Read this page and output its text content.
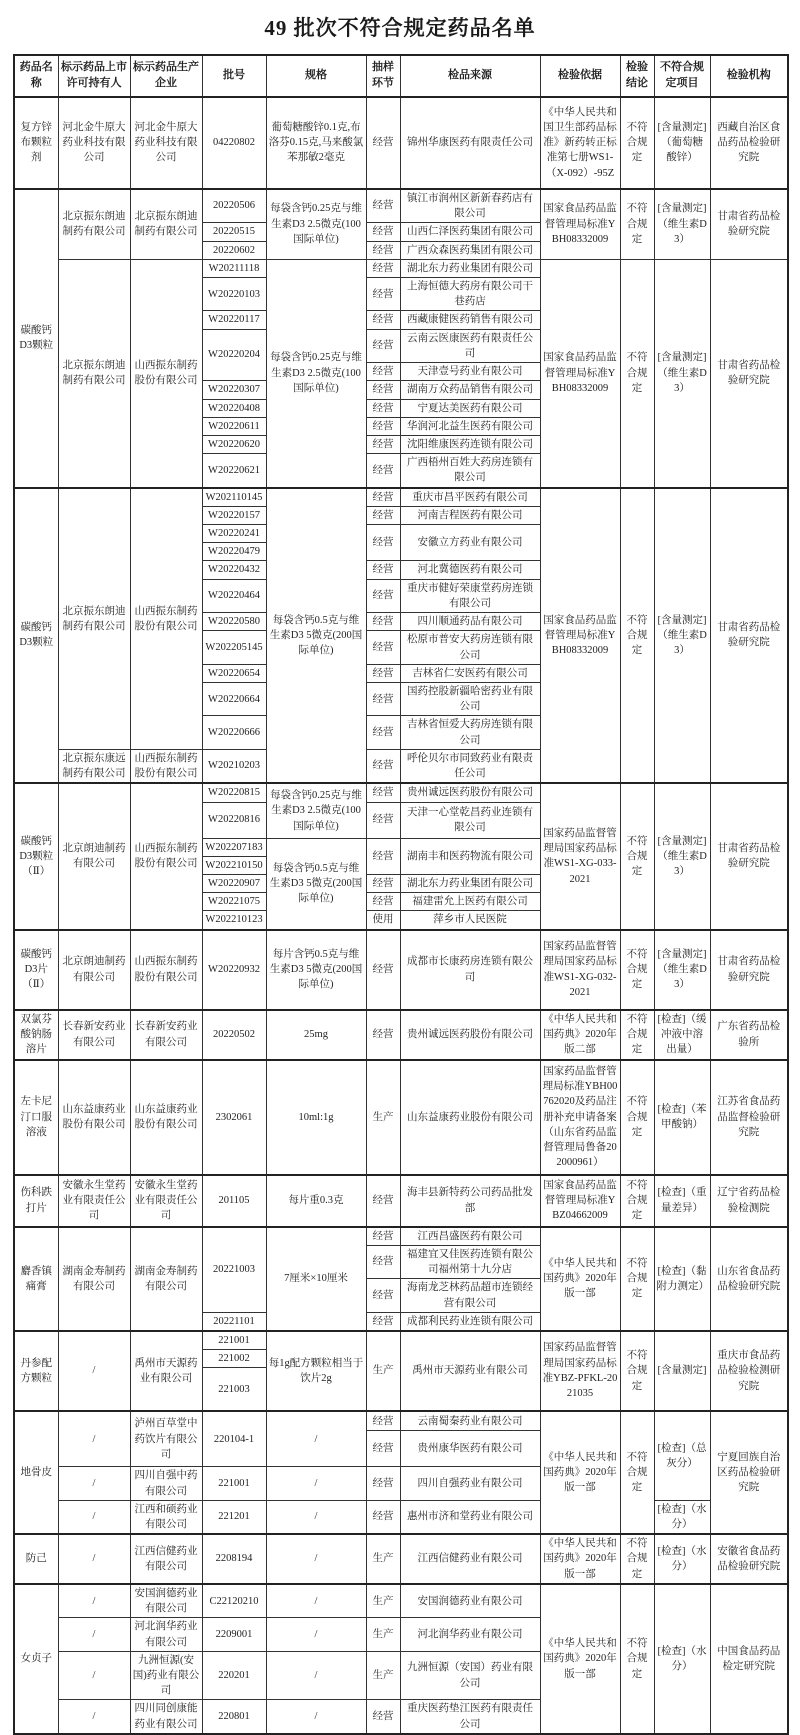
49 批次不符合规定药品名单
药品名称	标示药品上市许可持有人	标示药品生产企业	批号	规格	抽样环节	检品来源	检验依据	检验结论	不符合规定项目	检验机构
复方锌布颗粒剂	河北金牛原大药业科技有限公司	河北金牛原大药业科技有限公司	04220802	葡萄糖酸锌0.1克,布洛芬0.15克,马来酸氯苯那敏2毫克	经营	锦州华康医药有限责任公司	《中华人民共和国卫生部药品标准》新药转正标准第七册WS1-（X-092）-95Z	不符合规定	[含量测定]（葡萄糖酸锌）	西藏自治区食品药品检验研究院
碳酸钙D3颗粒	北京振东朗迪制药有限公司	北京振东朗迪制药有限公司	20220506	每袋含钙0.25克与维生素D3 2.5微克(100国际单位)	经营	镇江市润州区新新春药店有限公司	国家食品药品监督管理局标准YBH08332009	不符合规定	[含量测定]（维生素D3）	甘肃省药品检验研究院
			20220515		经营	山西仁泽医药集团有限公司				
			20220602		经营	广西众森医药集团有限公司				
	北京振东朗迪制药有限公司	山西振东制药股份有限公司	W20211118	每袋含钙0.25克与维生素D3 2.5微克(100国际单位)	经营	湖北东力药业集团有限公司	国家食品药品监督管理局标准YBH08332009	不符合规定	[含量测定]（维生素D3）	甘肃省药品检验研究院
			W20220103		经营	上海恒德大药房有限公司干巷药店				
			W20220117		经营	西藏康健医药销售有限公司				
			W20220204		经营	云南云医康医药有限责任公司				
					经营	天津壹号药业有限公司				
			W20220307		经营	湖南万众药品销售有限公司				
			W20220408		经营	宁夏达美医药有限公司				
			W20220611		经营	华润河北益生医药有限公司				
			W20220620		经营	沈阳维康医药连锁有限公司				
			W20220621		经营	广西梧州百姓大药房连锁有限公司				
碳酸钙D3颗粒	北京振东朗迪制药有限公司	山西振东制药股份有限公司	W202110145	每袋含钙0.5克与维生素D3 5微克(200国际单位)	经营	重庆市昌平医药有限公司	国家食品药品监督管理局标准YBH08332009	不符合规定	[含量测定]（维生素D3）	甘肃省药品检验研究院
			W20220157		经营	河南吉程医药有限公司				
			W20220241		经营	安徽立方药业有限公司				
			W20220479							
			W20220432		经营	河北冀德医药有限公司				
			W20220464		经营	重庆市健好荣康堂药房连锁有限公司				
			W20220580		经营	四川顺通药品有限公司				
			W202205145		经营	松原市普安大药房连锁有限公司				
			W20220654		经营	吉林省仁安医药有限公司				
			W20220664		经营	国药控股新疆哈密药业有限公司				
			W20220666		经营	吉林省恒爱大药房连锁有限公司				
	北京振东康远制药有限公司	山西振东制药股份有限公司	W20210203		经营	呼伦贝尔市同致药业有限责任公司				
碳酸钙D3颗粒（Ⅱ）	北京朗迪制药有限公司	山西振东制药股份有限公司	W20220815	每袋含钙0.25克与维生素D3 2.5微克(100国际单位)	经营	贵州诚远医药股份有限公司	国家药品监督管理局国家药品标准WS1-XG-033-2021	不符合规定	[含量测定]（维生素D3）	甘肃省药品检验研究院
			W20220816		经营	天津一心堂乾昌药业连锁有限公司				
			W202207183	每袋含钙0.5克与维生素D3 5微克(200国际单位)	经营	湖南丰和医药物流有限公司				
			W202210150							
			W20220907		经营	湖北东力药业集团有限公司				
			W20221075		经营	福建雷允上医药有限公司				
			W202210123		使用	萍乡市人民医院				
碳酸钙D3片（Ⅱ）	北京朗迪制药有限公司	山西振东制药股份有限公司	W20220932	每片含钙0.5克与维生素D3 5微克(200国际单位)	经营	成都市长康药房连锁有限公司	国家药品监督管理局国家药品标准WS1-XG-032-2021	不符合规定	[含量测定]（维生素D3）	甘肃省药品检验研究院
双氯芬酸钠肠溶片	长春新安药业有限公司	长春新安药业有限公司	20220502	25mg	经营	贵州诚远医药股份有限公司	《中华人民共和国药典》2020年版二部	不符合规定	[检查]（缓冲液中溶出量）	广东省药品检验所
左卡尼汀口服溶液	山东益康药业股份有限公司	山东益康药业股份有限公司	2302061	10ml:1g	生产	山东益康药业股份有限公司	国家药品监督管理局标准YBH00762020及药品注册补充申请备案（山东省药品监督管理局鲁备202000961）	不符合规定	[检查]（苯甲酸钠）	江苏省食品药品监督检验研究院
伤科跌打片	安徽永生堂药业有限责任公司	安徽永生堂药业有限责任公司	201105	每片重0.3克	经营	海丰县新特药公司药品批发部	国家食品药品监督管理局标准YBZ04662009	不符合规定	[检查]（重量差异）	辽宁省药品检验检测院
麝香镇痛膏	湖南金寿制药有限公司	湖南金寿制药有限公司	20221003	7厘米×10厘米	经营	江西昌盛医药有限公司	《中华人民共和国药典》2020年版一部	不符合规定	[检查]（黏附力测定）	山东省食品药品检验研究院
					经营	福建宜又佳医药连锁有限公司福州第十九分店				
					经营	海南龙芝林药品超市连锁经营有限公司				
			20221101		经营	成都利民药业连锁有限公司				
丹参配方颗粒	/	禹州市天源药业有限公司	221001	每1g配方颗粒相当于饮片2g	生产	禹州市天源药业有限公司	国家药品监督管理局国家药品标准YBZ-PFKL-2021035	不符合规定	[含量测定]	重庆市食品药品检验检测研究院
			221002							
			221003							
地骨皮	/	泸州百草堂中药饮片有限公司	220104-1	/	经营	云南蜀秦药业有限公司	《中华人民共和国药典》2020年版一部	不符合规定	[检查]（总灰分）	宁夏回族自治区药品检验研究院
					经营	贵州康华医药有限公司				
	/	四川自强中药有限公司	221001	/	经营	四川自强药业有限公司				
	/	江西和硕药业有限公司	221201	/	经营	惠州市济和堂药业有限公司			[检查]（水分）	
防己	/	江西信健药业有限公司	2208194	/	生产	江西信健药业有限公司	《中华人民共和国药典》2020年版一部	不符合规定	[检查]（水分）	安徽省食品药品检验研究院
女贞子	/	安国润德药业有限公司	C22120210	/	生产	安国润德药业有限公司	《中华人民共和国药典》2020年版一部	不符合规定	[检查]（水分）	中国食品药品检定研究院
	/	河北润华药业有限公司	2209001	/	生产	河北润华药业有限公司				
	/	九洲恒源(安国)药业有限公司	220201	/	生产	九洲恒源（安国）药业有限公司				
	/	四川同创康能药业有限公司	220801	/	经营	重庆医药垫江医药有限责任公司				
